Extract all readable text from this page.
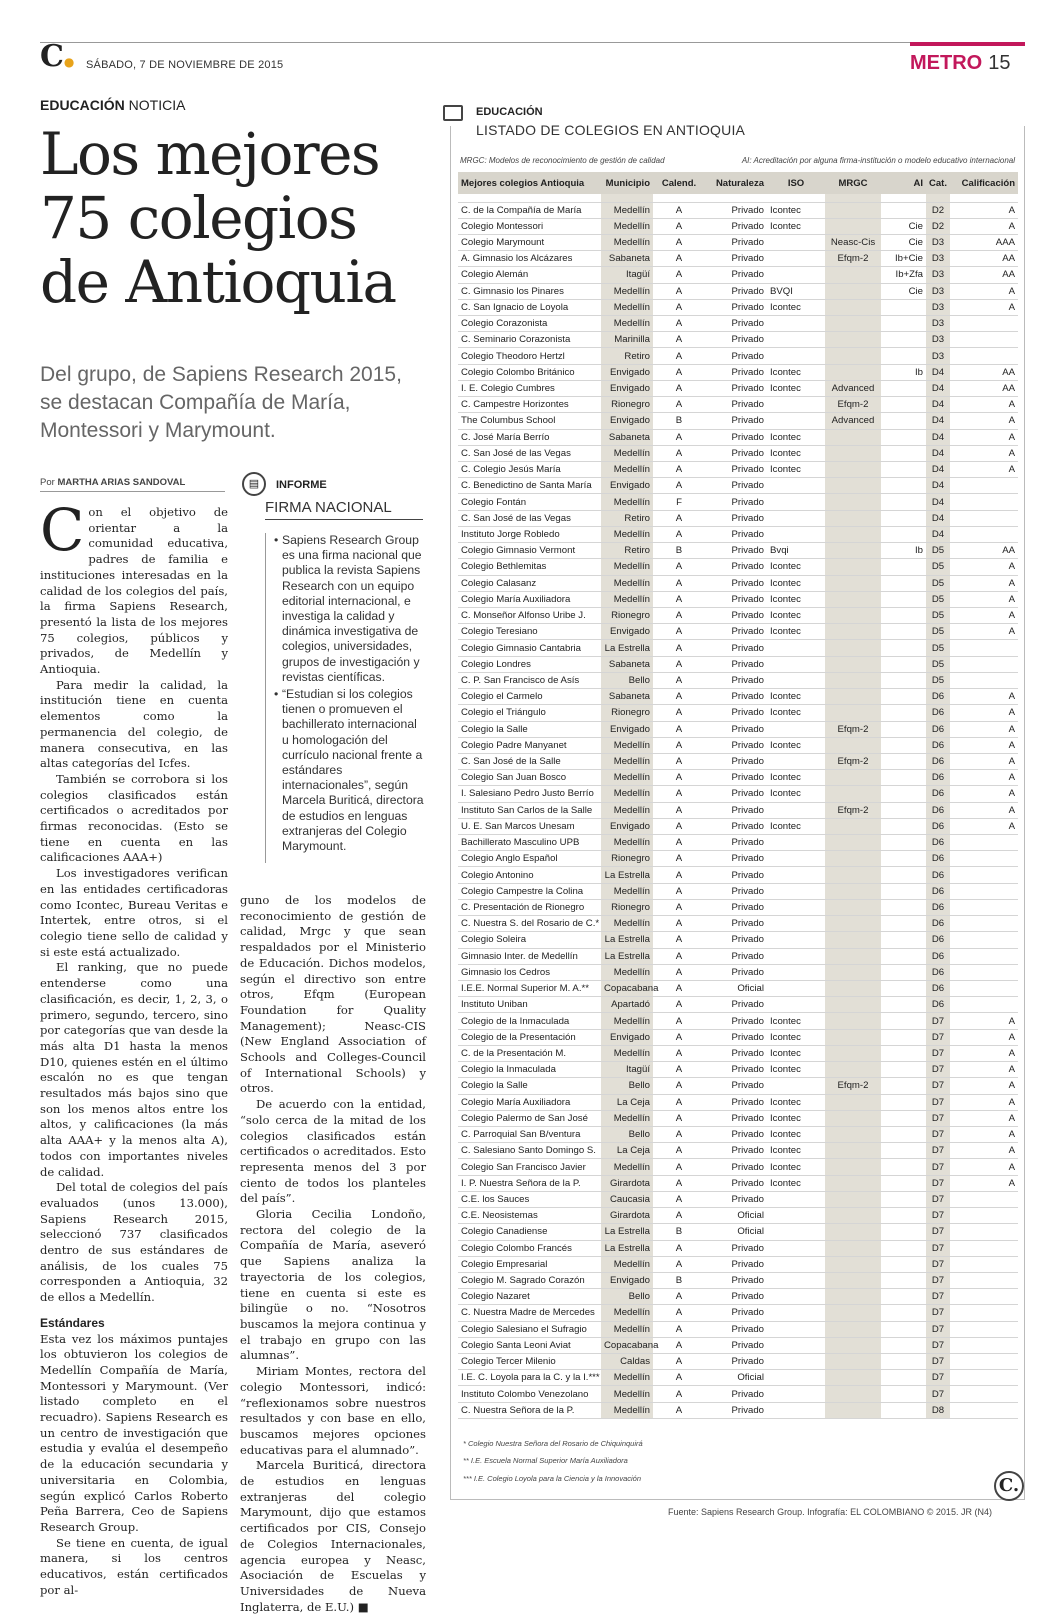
C● SÁBADO, 7 DE NOVIEMBRE DE 2015	METRO 15
EDUCACIÓN NOTICIA
Los mejores 75 colegios de Antioquia
Del grupo, de Sapiens Research 2015, se destacan Compañía de María, Montessori y Marymount.
Por MARTHA ARIAS SANDOVAL

Con el objetivo de orientar a la comunidad educativa, padres de familia e instituciones interesadas en la calidad de los colegios del país, la firma Sapiens Research, presentó la lista de los mejores 75 colegios, públicos y privados, de Medellín y Antioquia.

Para medir la calidad, la institución tiene en cuenta elementos como la permanencia del colegio, de manera consecutiva, en las altas categorías del Icfes.

También se corrobora si los colegios clasificados están certificados o acreditados por firmas reconocidas. (Esto se tiene en cuenta en las calificaciones AAA+)

Los investigadores verifican en las entidades certificadoras como Icontec, Bureau Veritas e Intertek, entre otros, si el colegio tiene sello de calidad y si este está actualizado.

El ranking, que no puede entenderse como una clasificación, es decir, 1, 2, 3, o primero, segundo, tercero, sino por categorías que van desde la más alta D1 hasta la menos D10, quienes estén en el último escalón no es que tengan resultados más bajos sino que son los menos altos entre los altos, y calificaciones (la más alta AAA+ y la menos alta A), todos con importantes niveles de calidad.

Del total de colegios del país evaluados (unos 13.000), Sapiens Research 2015, seleccionó 737 clasificados dentro de sus estándares de análisis, de los cuales 75 corresponden a Antioquia, 32 de ellos a Medellín.

Estándares

Esta vez los máximos puntajes los obtuvieron los colegios de Medellín Compañía de María, Montessori y Marymount. (Ver listado completo en el recuadro). Sapiens Research es un centro de investigación que estudia y evalúa el desempeño de la educación secundaria y universitaria en Colombia, según explicó Carlos Roberto Peña Barrera, Ceo de Sapiens Research Group.

Se tiene en cuenta, de igual manera, si los centros educativos, están certificados por al-

guno de los modelos de reconocimiento de gestión de calidad, Mrgc y que sean respaldados por el Ministerio de Educación. Dichos modelos, según el directivo son entre otros, Efqm (European Foundation for Quality Management); Neasc-CIS (New England Association of Schools and Colleges-Council of International Schools) y otros.

De acuerdo con la entidad, “solo cerca de la mitad de los colegios clasificados están certificados o acreditados. Esto representa menos del 3 por ciento de todos los planteles del país”.

Gloria Cecilia Londoño, rectora del colegio de la Compañía de María, aseveró que Sapiens analiza la trayectoria de los colegios, tiene en cuenta si este es bilingüe o no. “Nosotros buscamos la mejora continua y el trabajo en grupo con las alumnas”.

Miriam Montes, rectora del colegio Montessori, indicó: “reflexionamos sobre nuestros resultados y con base en ello, buscamos mejores opciones educativas para el alumnado”.

Marcela Buriticá, directora de estudios en lenguas extranjeras del colegio Marymount, dijo que estamos certificados por CIS, Consejo de Colegios Internacionales, agencia europea y Neasc, Asociación de Escuelas y Universidades de Nueva Inglaterra, de E.U.) ■

▤	INFORME
FIRMA NACIONAL
• Sapiens Research Group es una firma nacional que publica la revista Sapiens Research con un equipo editorial internacional, e investiga la calidad y dinámica investigativa de colegios, universidades, grupos de investigación y revistas científicas.
• “Estudian si los colegios tienen o promueven el bachillerato internacional u homologación del currículo nacional frente a estándares internacionales”, según Marcela Buriticá, directora de estudios en lenguas extranjeras del Colegio Marymount.
EDUCACIÓN
LISTADO DE COLEGIOS EN ANTIOQUIA
MRGC: Modelos de reconocimiento de gestión de calidad	AI: Acreditación por alguna firma-institución o modelo educativo internacional
Mejores colegios Antioquia	Municipio	Calend.	Naturaleza	ISO	MRGC	AI	Cat.	Calificación

C. de la Compañía de María	Medellín	A	Privado	Icontec			D2	A
Colegio Montessori	Medellín	A	Privado	Icontec		Cie	D2	A
Colegio Marymount	Medellín	A	Privado		Neasc-Cis	Cie	D3	AAA
A. Gimnasio los Alcázares	Sabaneta	A	Privado		Efqm-2	Ib+Cie	D3	AA
Colegio Alemán	Itagüí	A	Privado			Ib+Zfa	D3	AA
C. Gimnasio los Pinares	Medellín	A	Privado	BVQI		Cie	D3	A
C. San Ignacio de Loyola	Medellín	A	Privado	Icontec			D3	A
Colegio Corazonista	Medellín	A	Privado				D3	
C. Seminario Corazonista	Marinilla	A	Privado				D3	
Colegio Theodoro Hertzl	Retiro	A	Privado				D3	
Colegio Colombo Británico	Envigado	A	Privado	Icontec		Ib	D4	AA
I. E. Colegio Cumbres	Envigado	A	Privado	Icontec	Advanced		D4	AA
C. Campestre Horizontes	Rionegro	A	Privado		Efqm-2		D4	A
The Columbus School	Envigado	B	Privado		Advanced		D4	A
C. José María Berrío	Sabaneta	A	Privado	Icontec			D4	A
C. San José de las Vegas	Medellín	A	Privado	Icontec			D4	A
C. Colegio Jesús María	Medellín	A	Privado	Icontec			D4	A
C. Benedictino de Santa María	Envigado	A	Privado				D4	
Colegio Fontán	Medellín	F	Privado				D4	
C. San José de las Vegas	Retiro	A	Privado				D4	
Instituto Jorge Robledo	Medellín	A	Privado				D4	
Colegio Gimnasio Vermont	Retiro	B	Privado	Bvqi		Ib	D5	AA
Colegio Bethlemitas	Medellín	A	Privado	Icontec			D5	A
Colegio Calasanz	Medellín	A	Privado	Icontec			D5	A
Colegio María Auxiliadora	Medellín	A	Privado	Icontec			D5	A
C. Monseñor Alfonso Uribe J.	Rionegro	A	Privado	Icontec			D5	A
Colegio Teresiano	Envigado	A	Privado	Icontec			D5	A
Colegio Gimnasio Cantabria	La Estrella	A	Privado				D5	
Colegio Londres	Sabaneta	A	Privado				D5	
C. P. San Francisco de Asís	Bello	A	Privado				D5	
Colegio el Carmelo	Sabaneta	A	Privado	Icontec			D6	A
Colegio el Triángulo	Rionegro	A	Privado	Icontec			D6	A
Colegio la Salle	Envigado	A	Privado		Efqm-2		D6	A
Colegio Padre Manyanet	Medellín	A	Privado	Icontec			D6	A
C. San José de la Salle	Medellín	A	Privado		Efqm-2		D6	A
Colegio San Juan Bosco	Medellín	A	Privado	Icontec			D6	A
I. Salesiano Pedro Justo Berrío	Medellín	A	Privado	Icontec			D6	A
Instituto San Carlos de la Salle	Medellín	A	Privado		Efqm-2		D6	A
U. E. San Marcos Unesam	Envigado	A	Privado	Icontec			D6	A
Bachillerato Masculino UPB	Medellín	A	Privado				D6	
Colegio Anglo Español	Rionegro	A	Privado				D6	
Colegio Antonino	La Estrella	A	Privado				D6	
Colegio Campestre la Colina	Medellín	A	Privado				D6	
C. Presentación de Rionegro	Rionegro	A	Privado				D6	
C. Nuestra S. del Rosario de C.*	Medellín	A	Privado				D6	
Colegio Soleira	La Estrella	A	Privado				D6	
Gimnasio Inter. de Medellín	La Estrella	A	Privado				D6	
Gimnasio los Cedros	Medellín	A	Privado				D6	
I.E.E. Normal Superior M. A.**	Copacabana	A	Oficial				D6	
Instituto Uniban	Apartadó	A	Privado				D6	
Colegio de la Inmaculada	Medellín	A	Privado	Icontec			D7	A
Colegio de la Presentación	Envigado	A	Privado	Icontec			D7	A
C. de la Presentación M.	Medellín	A	Privado	Icontec			D7	A
Colegio la Inmaculada	Itagüí	A	Privado	Icontec			D7	A
Colegio la Salle	Bello	A	Privado		Efqm-2		D7	A
Colegio María Auxiliadora	La Ceja	A	Privado	Icontec			D7	A
Colegio Palermo de San José	Medellín	A	Privado	Icontec			D7	A
C. Parroquial San B/ventura	Bello	A	Privado	Icontec			D7	A
C. Salesiano Santo Domingo S.	La Ceja	A	Privado	Icontec			D7	A
Colegio San Francisco Javier	Medellín	A	Privado	Icontec			D7	A
I. P. Nuestra Señora de la P.	Girardota	A	Privado	Icontec			D7	A
C.E. los Sauces	Caucasia	A	Privado				D7	
C.E. Neosistemas	Girardota	A	Oficial				D7	
Colegio Canadiense	La Estrella	B	Oficial				D7	
Colegio Colombo Francés	La Estrella	A	Privado				D7	
Colegio Empresarial	Medellín	A	Privado				D7	
Colegio M. Sagrado Corazón	Envigado	B	Privado				D7	
Colegio Nazaret	Bello	A	Privado				D7	
C. Nuestra Madre de Mercedes	Medellín	A	Privado				D7	
Colegio Salesiano el Sufragio	Medellín	A	Privado				D7	
Colegio Santa Leoni Aviat	Copacabana	A	Privado				D7	
Colegio Tercer Milenio	Caldas	A	Privado				D7	
I.E. C. Loyola para la C. y la I.***	Medellín	A	Oficial				D7	
Instituto Colombo Venezolano	Medellín	A	Privado				D7	
C. Nuestra Señora de la P.	Medellín	A	Privado				D8	
* Colegio Nuestra Señora del Rosario de Chiquinquirá
** I.E. Escuela Normal Superior María Auxiliadora
*** I.E. Colegio Loyola para la Ciencia y la Innovación	C.
Fuente: Sapiens Research Group. Infografía: EL COLOMBIANO © 2015. JR (N4)
